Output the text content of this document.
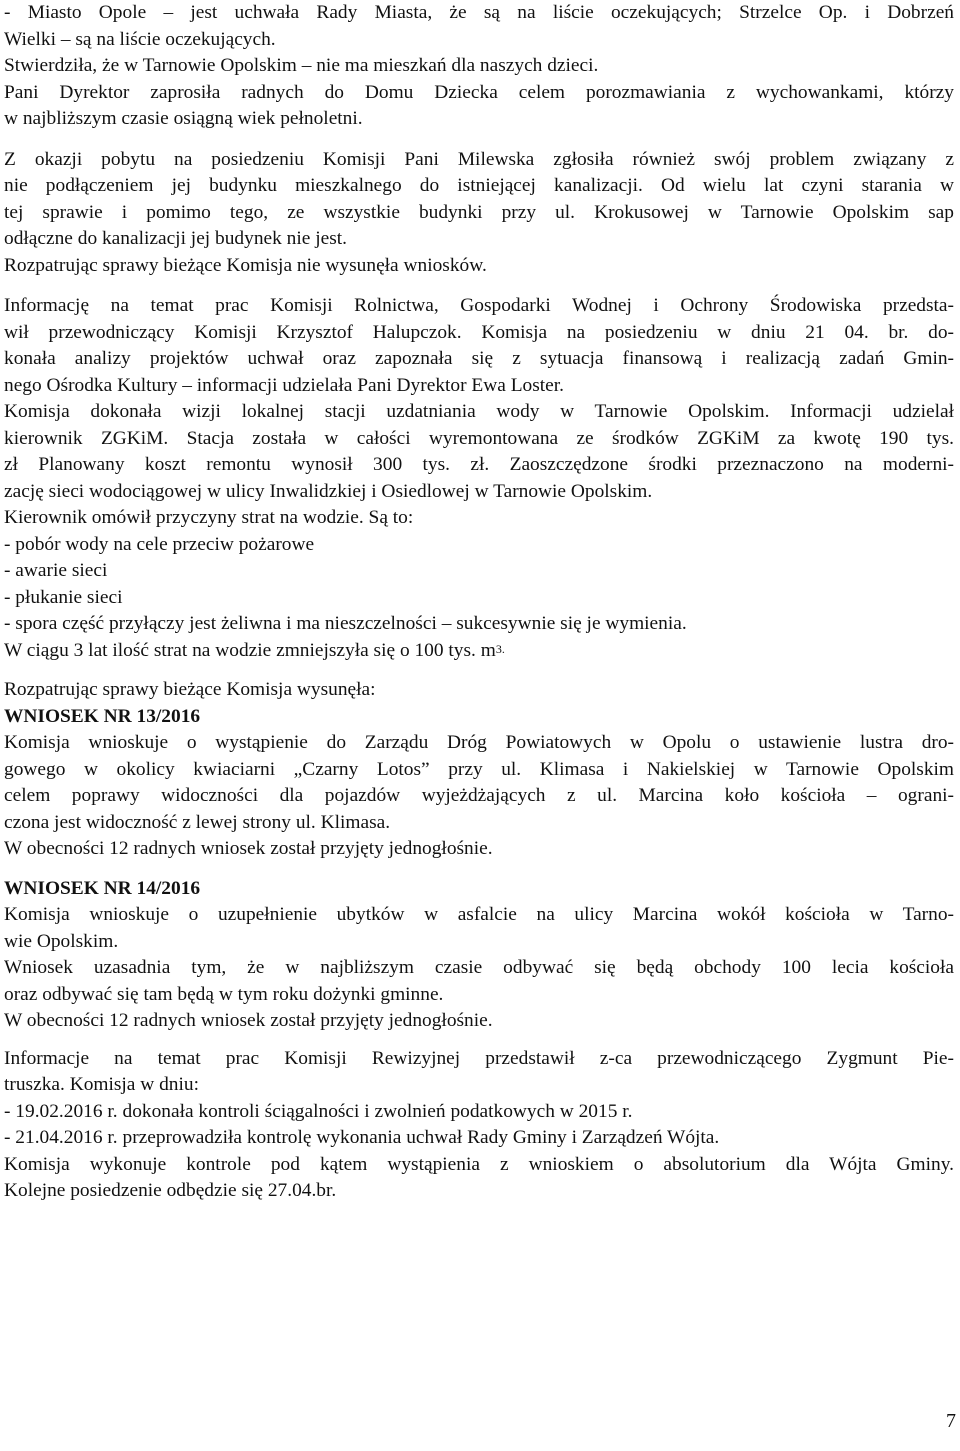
- Miasto Opole – jest uchwała Rady Miasta, że są na liście oczekujących; Strzelce Op. i Dobrzeń
Wielki – są na liście oczekujących.
Stwierdziła, że w Tarnowie Opolskim – nie ma mieszkań dla naszych dzieci.
Pani Dyrektor zaprosiła radnych do Domu Dziecka celem porozmawiania z wychowankami, którzy
w najbliższym czasie osiągną wiek pełnoletni.
Z okazji pobytu na posiedzeniu Komisji Pani Milewska zgłosiła również swój problem związany z
nie podłączeniem jej budynku mieszkalnego do istniejącej kanalizacji. Od wielu lat czyni starania w
tej sprawie i pomimo tego, ze wszystkie budynki przy ul. Krokusowej w Tarnowie Opolskim sap
odłączne do kanalizacji jej budynek nie jest.
Rozpatrując sprawy bieżące Komisja nie wysunęła wniosków.
Informację na temat prac Komisji Rolnictwa, Gospodarki Wodnej i Ochrony Środowiska przedsta-
wił przewodniczący Komisji Krzysztof Halupczok. Komisja na posiedzeniu w dniu 21 04. br. do-
konała analizy projektów uchwał oraz zapoznała się z sytuacja finansową i realizacją zadań Gmin-
nego Ośrodka Kultury – informacji udzielała Pani Dyrektor Ewa Loster.
Komisja dokonała wizji lokalnej stacji uzdatniania wody w Tarnowie Opolskim. Informacji udzielał
kierownik ZGKiM. Stacja została w całości wyremontowana ze środków ZGKiM za kwotę 190 tys.
zł Planowany koszt remontu wynosił 300 tys. zł. Zaoszczędzone środki przeznaczono na moderni-
zację sieci wodociągowej w ulicy Inwalidzkiej i Osiedlowej w Tarnowie Opolskim.
Kierownik omówił przyczyny strat na wodzie. Są to:
- pobór wody na cele przeciw pożarowe
- awarie sieci
- płukanie sieci
- spora część przyłączy jest żeliwna i ma nieszczelności – sukcesywnie się je wymienia.
W ciągu 3 lat ilość strat na wodzie zmniejszyła się o 100 tys. $m^{3.}$
Rozpatrując sprawy bieżące Komisja wysunęła:
WNIOSEK NR 13/2016
Komisja wnioskuje o wystąpienie do Zarządu Dróg Powiatowych w Opolu o ustawienie lustra dro-
gowego w okolicy kwiaciarni „Czarny Lotos” przy ul. Klimasa i Nakielskiej w Tarnowie Opolskim
celem poprawy widoczności dla pojazdów wyjeżdżających z ul. Marcina koło kościoła – ograni-
czona jest widoczność z lewej strony ul. Klimasa.
W obecności 12 radnych wniosek został przyjęty jednogłośnie.
WNIOSEK NR 14/2016
Komisja wnioskuje o uzupełnienie ubytków w asfalcie na ulicy Marcina wokół kościoła w Tarno-
wie Opolskim.
Wniosek uzasadnia tym, że w najbliższym czasie odbywać się będą obchody 100 lecia kościoła
oraz odbywać się tam będą w tym roku dożynki gminne.
W obecności 12 radnych wniosek został przyjęty jednogłośnie.
Informacje na temat prac Komisji Rewizyjnej przedstawił z-ca przewodniczącego Zygmunt Pie-
truszka. Komisja w dniu:
- 19.02.2016 r. dokonała kontroli ściągalności i zwolnień podatkowych w 2015 r.
- 21.04.2016 r. przeprowadziła kontrolę wykonania uchwał Rady Gminy i Zarządzeń Wójta.
Komisja wykonuje kontrole pod kątem wystąpienia z wnioskiem o absolutorium dla Wójta Gminy.
Kolejne posiedzenie odbędzie się 27.04.br.
7
